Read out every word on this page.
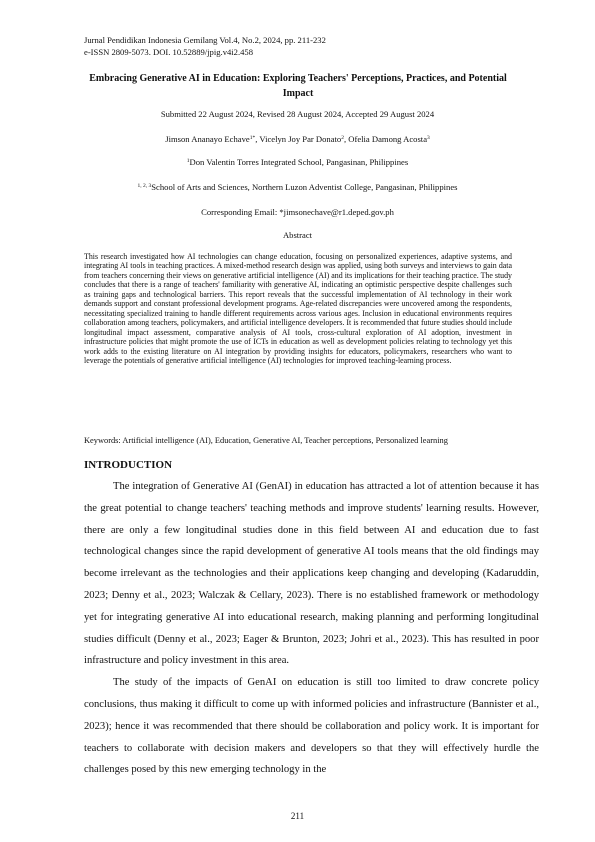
Jurnal Pendidikan Indonesia Gemilang Vol.4, No.2, 2024, pp. 211-232
e-ISSN 2809-5073. DOI. 10.52889/jpig.v4i2.458
Embracing Generative AI in Education: Exploring Teachers' Perceptions, Practices, and Potential Impact
Submitted 22 August 2024, Revised 28 August 2024, Accepted 29 August 2024
Jimson Ananayo Echave$^{1*}$, Vicelyn Joy Par Donato$^2$, Ofelia Damong Acosta$^3$
$^1$Don Valentin Torres Integrated School, Pangasinan, Philippines
$^{1, 2, 3}$School of Arts and Sciences, Northern Luzon Adventist College, Pangasinan, Philippines
Corresponding Email: *jimsonechave@r1.deped.gov.ph
Abstract
This research investigated how AI technologies can change education, focusing on personalized experiences, adaptive systems, and integrating AI tools in teaching practices. A mixed-method research design was applied, using both surveys and interviews to gain data from teachers concerning their views on generative artificial intelligence (AI) and its implications for their teaching practice. The study concludes that there is a range of teachers' familiarity with generative AI, indicating an optimistic perspective despite challenges such as training gaps and technological barriers. This report reveals that the successful implementation of AI technology in their work demands support and constant professional development programs. Age-related discrepancies were uncovered among the respondents, necessitating specialized training to handle different requirements across various ages. Inclusion in educational environments requires collaboration among teachers, policymakers, and artificial intelligence developers. It is recommended that future studies should include longitudinal impact assessment, comparative analysis of AI tools, cross-cultural exploration of AI adoption, investment in infrastructure policies that might promote the use of ICTs in education as well as development policies relating to technology yet this work adds to the existing literature on AI integration by providing insights for educators, policymakers, researchers who want to leverage the potentials of generative artificial intelligence (AI) technologies for improved teaching-learning process.
Keywords: Artificial intelligence (AI), Education, Generative AI, Teacher perceptions, Personalized learning
INTRODUCTION

The integration of Generative AI (GenAI) in education has attracted a lot of attention because it has the great potential to change teachers' teaching methods and improve students' learning results. However, there are only a few longitudinal studies done in this field between AI and education due to fast technological changes since the rapid development of generative AI tools means that the old findings may become irrelevant as the technologies and their applications keep changing and developing (Kadaruddin, 2023; Denny et al., 2023; Walczak & Cellary, 2023). There is no established framework or methodology yet for integrating generative AI into educational research, making planning and performing longitudinal studies difficult (Denny et al., 2023; Eager & Brunton, 2023; Johri et al., 2023). This has resulted in poor infrastructure and policy investment in this area.

The study of the impacts of GenAI on education is still too limited to draw concrete policy conclusions, thus making it difficult to come up with informed policies and infrastructure (Bannister et al., 2023); hence it was recommended that there should be collaboration and policy work. It is important for teachers to collaborate with decision makers and developers so that they will effectively hurdle the challenges posed by this new emerging technology in the

211
